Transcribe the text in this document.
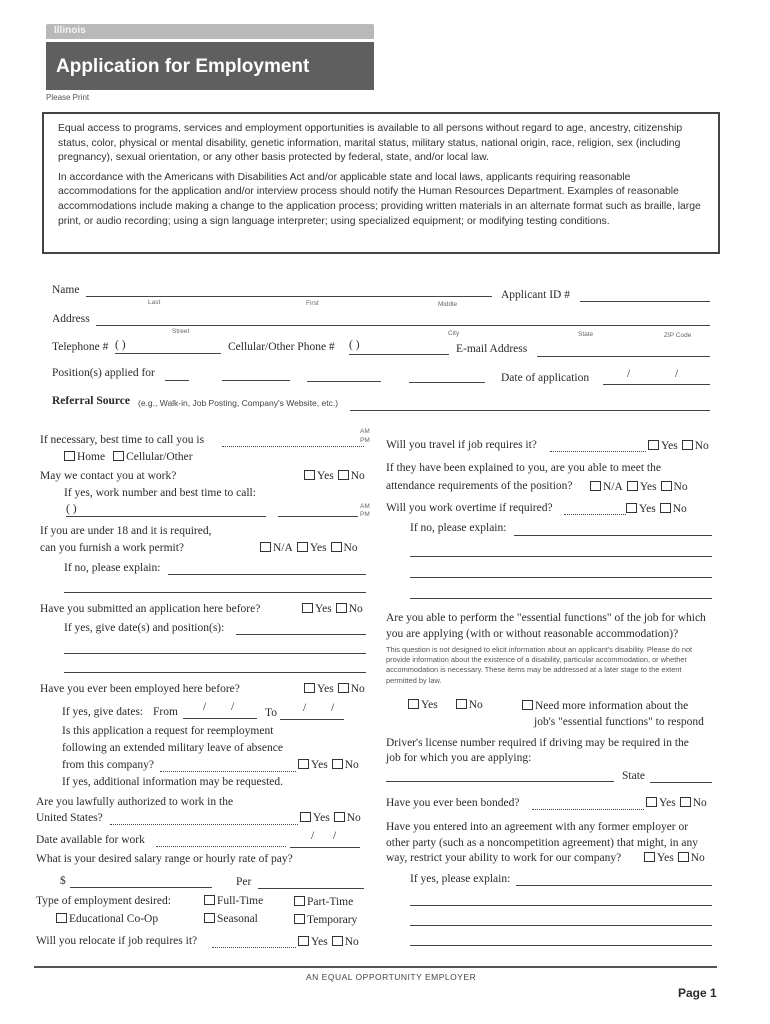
Illinois
Application for Employment
Please Print

Equal access to programs, services and employment opportunities is available to all persons without regard to age, ancestry, citizenship status, color, physical or mental disability, genetic information, marital status, military status, national origin, race, religion, sex (including pregnancy), sexual orientation, or any other basis protected by federal, state, and/or local law.

In accordance with the Americans with Disabilities Act and/or applicable state and local laws, applicants requiring reasonable accommodations for the application and/or interview process should notify the Human Resources Department. Examples of reasonable accommodations include making a change to the application process; providing written materials in an alternate format such as braille, large print, or audio recording; using a sign language interpreter; using specialized equipment; or modifying testing conditions.

Name
Last	First	Middle
Applicant ID #
Address
Street	City	State	ZIP Code
Telephone # ( )	Cellular/Other Phone # ( )	E-mail Address
Position(s) applied for	Date of application	/	/
Referral Source (e.g., Walk-in, Job Posting, Company's Website, etc.)
If necessary, best time to call you is
AM
PM
Home Cellular/Other
May we contact you at work?	Yes No
If yes, work number and best time to call:
( )	AM
PM
If you are under 18 and it is required,
can you furnish a work permit?	N/A Yes No
If no, please explain:
Have you submitted an application here before?	Yes No
If yes, give date(s) and position(s):
Have you ever been employed here before?	Yes No
If yes, give dates: From / /	To / /
Is this application a request for reemployment
following an extended military leave of absence
from this company?	Yes No
If yes, additional information may be requested.
Are you lawfully authorized to work in the
United States?	Yes No
Date available for work	/ /
What is your desired salary range or hourly rate of pay?
$	Per
Type of employment desired:	Full-Time	Part-Time
Educational Co-Op	Seasonal	Temporary
Will you relocate if job requires it?	Yes No
Will you travel if job requires it?	Yes No
If they have been explained to you, are you able to meet the
attendance requirements of the position?	N/A Yes No
Will you work overtime if required?	Yes No
If no, please explain:
Are you able to perform the "essential functions" of the job for which
you are applying (with or without reasonable accommodation)?
This question is not designed to elicit information about an applicant's disability. Please do not provide information about the existence of a disability, particular accommodation, or whether accommodation is necessary. These items may be addressed at a later stage to the extent permitted by law.
Yes	No	Need more information about the
job's "essential functions" to respond
Driver's license number required if driving may be required in the
job for which you are applying:
State
Have you ever been bonded?	Yes No
Have you entered into an agreement with any former employer or
other party (such as a noncompetition agreement) that might, in any
way, restrict your ability to work for our company?	Yes No
If yes, please explain:
AN EQUAL OPPORTUNITY EMPLOYER
Page 1
